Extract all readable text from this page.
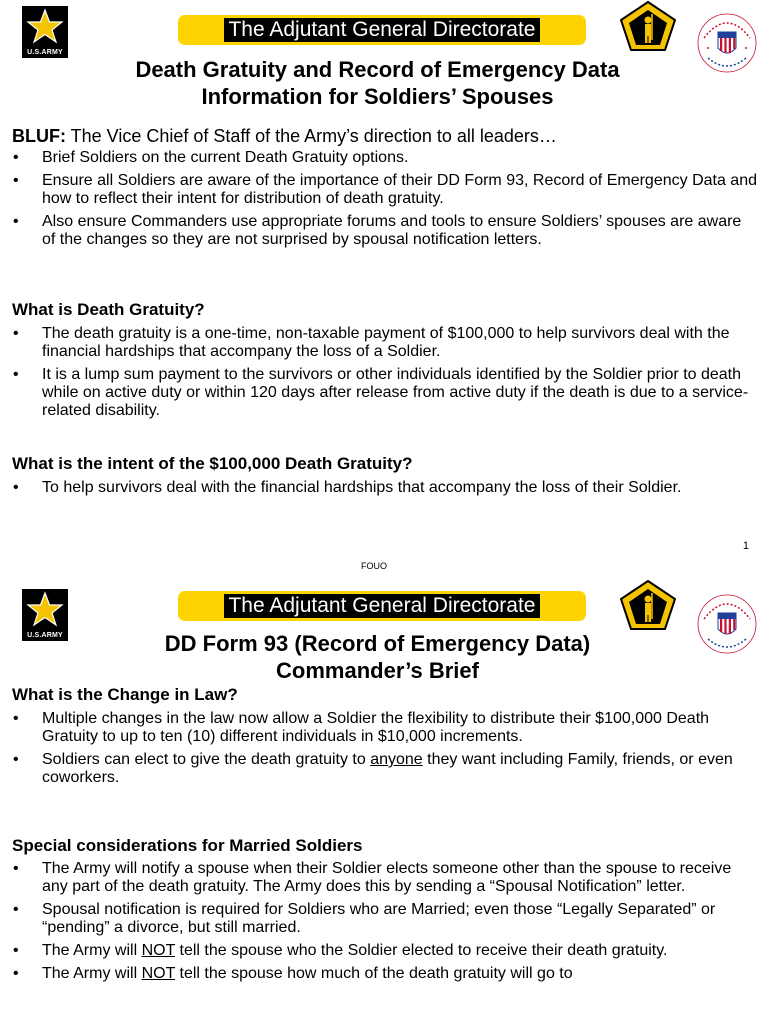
U.S.ARMY
The Adjutant General Directorate
Death Gratuity and Record of Emergency Data
Information for Soldiers’ Spouses

BLUF: The Vice Chief of Staff of the Army’s direction to all leaders…

• Brief Soldiers on the current Death Gratuity options.
• Ensure all Soldiers are aware of the importance of their DD Form 93, Record of Emergency Data and how to reflect their intent for distribution of death gratuity.
• Also ensure Commanders use appropriate forums and tools to ensure Soldiers’ spouses are aware of the changes so they are not surprised by spousal notification letters.

What is Death Gratuity?

• The death gratuity is a one-time, non-taxable payment of $100,000 to help survivors deal with the financial hardships that accompany the loss of a Soldier.
• It is a lump sum payment to the survivors or other individuals identified by the Soldier prior to death while on active duty or within 120 days after release from active duty if the death is due to a service-related disability.

What is the intent of the $100,000 Death Gratuity?

• To help survivors deal with the financial hardships that accompany the loss of their Soldier.
1
FOUO
U.S.ARMY
The Adjutant General Directorate
DD Form 93 (Record of Emergency Data)
Commander’s Brief

What is the Change in Law?

• Multiple changes in the law now allow a Soldier the flexibility to distribute their $100,000 Death Gratuity to up to ten (10) different individuals in $10,000 increments.
• Soldiers can elect to give the death gratuity to anyone they want including Family, friends, or even coworkers.

Special considerations for Married Soldiers

• The Army will notify a spouse when their Soldier elects someone other than the spouse to receive any part of the death gratuity. The Army does this by sending a “Spousal Notification” letter.
• Spousal notification is required for Soldiers who are Married; even those “Legally Separated” or “pending” a divorce, but still married.
• The Army will NOT tell the spouse who the Soldier elected to receive their death gratuity.
• The Army will NOT tell the spouse how much of the death gratuity will go to
